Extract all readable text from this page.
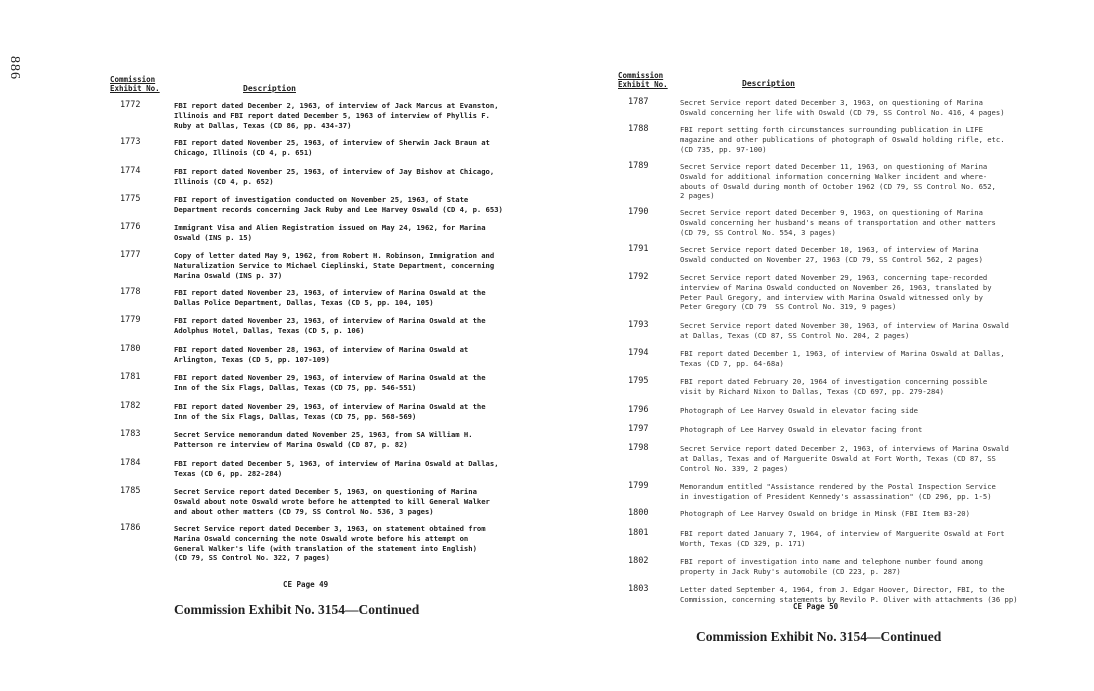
886	Commission
Exhibit No.	Description
1772	FBI report dated December 2, 1963, of interview of Jack Marcus at Evanston,
Illinois and FBI report dated December 5, 1963 of interview of Phyllis F.
Ruby at Dallas, Texas (CD 86, pp. 434-37)
1773	FBI report dated November 25, 1963, of interview of Sherwin Jack Braun at
Chicago, Illinois (CD 4, p. 651)
1774	FBI report dated November 25, 1963, of interview of Jay Bishov at Chicago,
Illinois (CD 4, p. 652)
1775	FBI report of investigation conducted on November 25, 1963, of State
Department records concerning Jack Ruby and Lee Harvey Oswald (CD 4, p. 653)
1776	Immigrant Visa and Alien Registration issued on May 24, 1962, for Marina
Oswald (INS p. 15)
1777	Copy of letter dated May 9, 1962, from Robert H. Robinson, Immigration and
Naturalization Service to Michael Cieplinski, State Department, concerning
Marina Oswald (INS p. 37)
1778	FBI report dated November 23, 1963, of interview of Marina Oswald at the
Dallas Police Department, Dallas, Texas (CD 5, pp. 104, 105)
1779	FBI report dated November 23, 1963, of interview of Marina Oswald at the
Adolphus Hotel, Dallas, Texas (CD 5, p. 106)
1780	FBI report dated November 28, 1963, of interview of Marina Oswald at
Arlington, Texas (CD 5, pp. 107-109)
1781	FBI report dated November 29, 1963, of interview of Marina Oswald at the
Inn of the Six Flags, Dallas, Texas (CD 75, pp. 546-551)
1782	FBI report dated November 29, 1963, of interview of Marina Oswald at the
Inn of the Six Flags, Dallas, Texas (CD 75, pp. 568-569)
1783	Secret Service memorandum dated November 25, 1963, from SA William H.
Patterson re interview of Marina Oswald (CD 87, p. 82)
1784	FBI report dated December 5, 1963, of interview of Marina Oswald at Dallas,
Texas (CD 6, pp. 282-284)
1785	Secret Service report dated December 5, 1963, on questioning of Marina
Oswald about note Oswald wrote before he attempted to kill General Walker
and about other matters (CD 79, SS Control No. 536, 3 pages)
1786	Secret Service report dated December 3, 1963, on statement obtained from
Marina Oswald concerning the note Oswald wrote before his attempt on
General Walker's life (with translation of the statement into English)
(CD 79, SS Control No. 322, 7 pages)
CE Page 49
Commission Exhibit No. 3154—Continued
Commission
Exhibit No.	Description
1787	Secret Service report dated December 3, 1963, on questioning of Marina
Oswald concerning her life with Oswald (CD 79, SS Control No. 416, 4 pages)
1788	FBI report setting forth circumstances surrounding publication in LIFE
magazine and other publications of photograph of Oswald holding rifle, etc.
(CD 735, pp. 97-100)
1789	Secret Service report dated December 11, 1963, on questioning of Marina
Oswald for additional information concerning Walker incident and where-
abouts of Oswald during month of October 1962 (CD 79, SS Control No. 652,
2 pages)
1790	Secret Service report dated December 9, 1963, on questioning of Marina
Oswald concerning her husband's means of transportation and other matters
(CD 79, SS Control No. 554, 3 pages)
1791	Secret Service report dated December 10, 1963, of interview of Marina
Oswald conducted on November 27, 1963 (CD 79, SS Control 562, 2 pages)
1792	Secret Service report dated November 29, 1963, concerning tape-recorded
interview of Marina Oswald conducted on November 26, 1963, translated by
Peter Paul Gregory, and interview with Marina Oswald witnessed only by
Peter Gregory (CD 79  SS Control No. 319, 9 pages)
1793	Secret Service report dated November 30, 1963, of interview of Marina Oswald
at Dallas, Texas (CD 87, SS Control No. 204, 2 pages)
1794	FBI report dated December 1, 1963, of interview of Marina Oswald at Dallas,
Texas (CD 7, pp. 64-68a)
1795	FBI report dated February 20, 1964 of investigation concerning possible
visit by Richard Nixon to Dallas, Texas (CD 697, pp. 279-284)
1796	Photograph of Lee Harvey Oswald in elevator facing side
1797	Photograph of Lee Harvey Oswald in elevator facing front
1798	Secret Service report dated December 2, 1963, of interviews of Marina Oswald
at Dallas, Texas and of Marguerite Oswald at Fort Worth, Texas (CD 87, SS
Control No. 339, 2 pages)
1799	Memorandum entitled "Assistance rendered by the Postal Inspection Service
in investigation of President Kennedy's assassination" (CD 296, pp. 1-5)
1800	Photograph of Lee Harvey Oswald on bridge in Minsk (FBI Item B3-20)
1801	FBI report dated January 7, 1964, of interview of Marguerite Oswald at Fort
Worth, Texas (CD 329, p. 171)
1802	FBI report of investigation into name and telephone number found among
property in Jack Ruby's automobile (CD 223, p. 287)
1803	Letter dated September 4, 1964, from J. Edgar Hoover, Director, FBI, to the
Commission, concerning statements by Revilo P. Oliver with attachments (36 pp)
CE Page 50
Commission Exhibit No. 3154—Continued
